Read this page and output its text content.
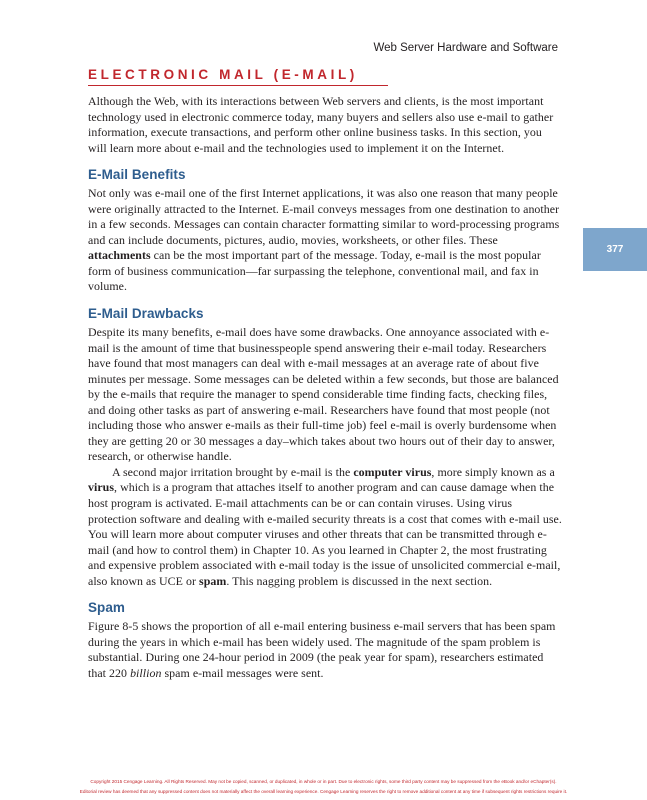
Web Server Hardware and Software
ELECTRONIC MAIL (E-MAIL)
377

Although the Web, with its interactions between Web servers and clients, is the most important technology used in electronic commerce today, many buyers and sellers also use e-mail to gather information, execute transactions, and perform other online business tasks. In this section, you will learn more about e-mail and the technologies used to implement it on the Internet.

E-Mail Benefits

Not only was e-mail one of the first Internet applications, it was also one reason that many people were originally attracted to the Internet. E-mail conveys messages from one destination to another in a few seconds. Messages can contain character formatting similar to word-processing programs and can include documents, pictures, audio, movies, worksheets, or other files. These attachments can be the most important part of the message. Today, e-mail is the most popular form of business communication—far surpassing the telephone, conventional mail, and fax in volume.

E-Mail Drawbacks

Despite its many benefits, e-mail does have some drawbacks. One annoyance associated with e-mail is the amount of time that businesspeople spend answering their e-mail today. Researchers have found that most managers can deal with e-mail messages at an average rate of about five minutes per message. Some messages can be deleted within a few seconds, but those are balanced by the e-mails that require the manager to spend considerable time finding facts, checking files, and doing other tasks as part of answering e-mail. Researchers have found that most people (not including those who answer e-mails as their full-time job) feel e-mail is overly burdensome when they are getting 20 or 30 messages a day–which takes about two hours out of their day to answer, research, or otherwise handle.

A second major irritation brought by e-mail is the computer virus, more simply known as a virus, which is a program that attaches itself to another program and can cause damage when the host program is activated. E-mail attachments can be or can contain viruses. Using virus protection software and dealing with e-mailed security threats is a cost that comes with e-mail use. You will learn more about computer viruses and other threats that can be transmitted through e-mail (and how to control them) in Chapter 10. As you learned in Chapter 2, the most frustrating and expensive problem associated with e-mail today is the issue of unsolicited commercial e-mail, also known as UCE or spam. This nagging problem is discussed in the next section.

Spam

Figure 8-5 shows the proportion of all e-mail entering business e-mail servers that has been spam during the years in which e-mail has been widely used. The magnitude of the spam problem is substantial. During one 24-hour period in 2009 (the peak year for spam), researchers estimated that 220 billion spam e-mail messages were sent.

Copyright 2015 Cengage Learning. All Rights Reserved. May not be copied, scanned, or duplicated, in whole or in part. Due to electronic rights, some third party content may be suppressed from the eBook and/or eChapter(s).
Editorial review has deemed that any suppressed content does not materially affect the overall learning experience. Cengage Learning reserves the right to remove additional content at any time if subsequent rights restrictions require it.
